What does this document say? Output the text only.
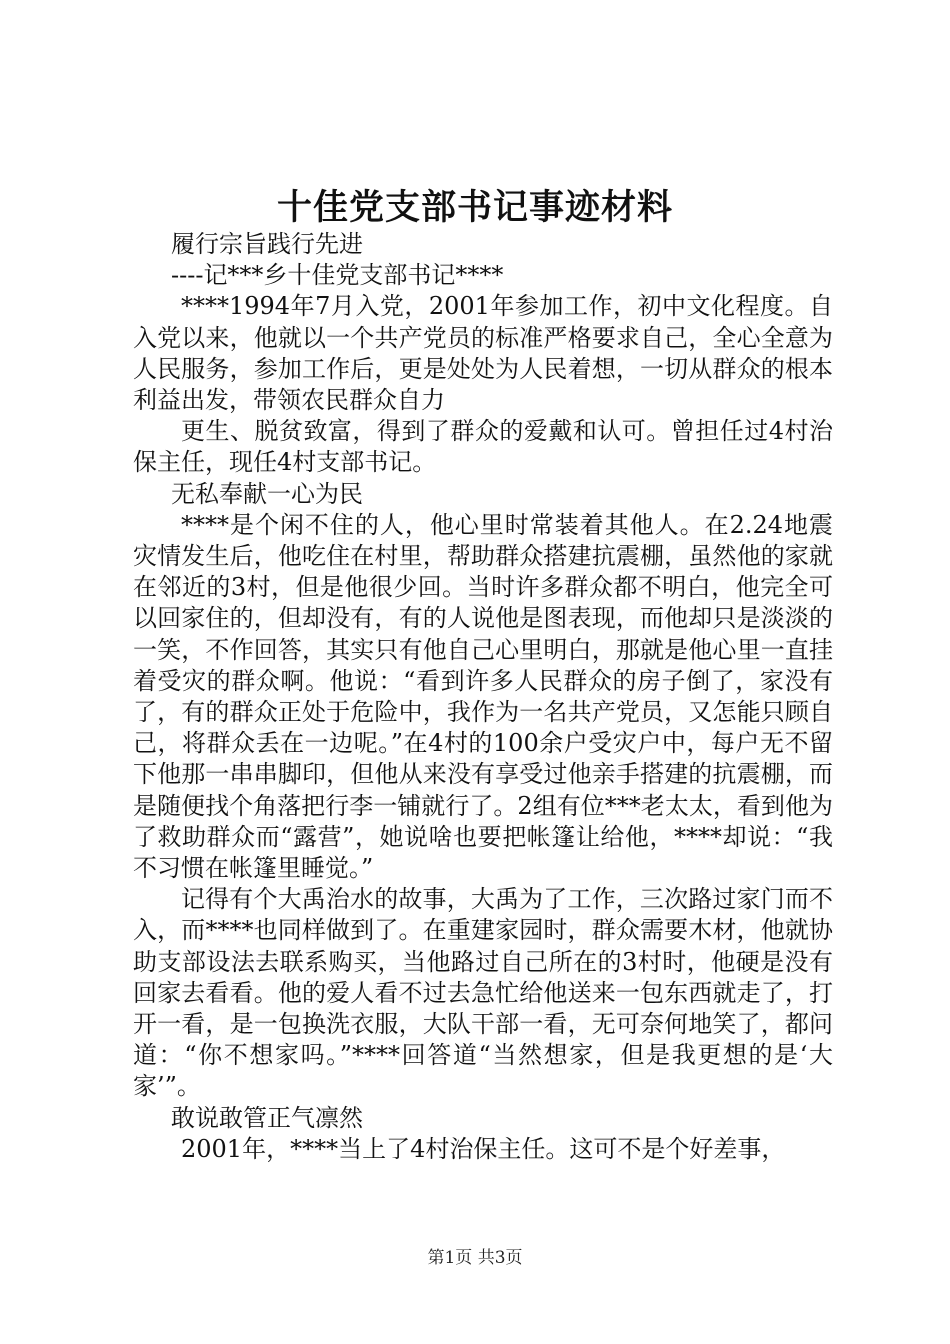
十佳党支部书记事迹材料

履行宗旨践行先进

----记***乡十佳党支部书记****

****1994年7月入党，2001年参加工作，初中文化程度。自入党以来，他就以一个共产党员的标准严格要求自己，全心全意为人民服务，参加工作后，更是处处为人民着想，一切从群众的根本利益出发，带领农民群众自力

更生、脱贫致富，得到了群众的爱戴和认可。曾担任过4村治保主任，现任4村支部书记。

无私奉献一心为民

****是个闲不住的人，他心里时常装着其他人。在2.24地震灾情发生后，他吃住在村里，帮助群众搭建抗震棚，虽然他的家就在邻近的3村，但是他很少回。当时许多群众都不明白，他完全可以回家住的，但却没有，有的人说他是图表现，而他却只是淡淡的一笑，不作回答，其实只有他自己心里明白，那就是他心里一直挂着受灾的群众啊。他说：“看到许多人民群众的房子倒了，家没有了，有的群众正处于危险中，我作为一名共产党员，又怎能只顾自己，将群众丢在一边呢。”在4村的100余户受灾户中，每户无不留下他那一串串脚印，但他从来没有享受过他亲手搭建的抗震棚，而是随便找个角落把行李一铺就行了。2组有位***老太太，看到他为了救助群众而“露营”，她说啥也要把帐篷让给他，****却说：“我不习惯在帐篷里睡觉。”

记得有个大禹治水的故事，大禹为了工作，三次路过家门而不入，而****也同样做到了。在重建家园时，群众需要木材，他就协助支部设法去联系购买，当他路过自己所在的3村时，他硬是没有回家去看看。他的爱人看不过去急忙给他送来一包东西就走了，打开一看，是一包换洗衣服，大队干部一看，无可奈何地笑了，都问道：“你不想家吗。”****回答道“当然想家，但是我更想的是‘大家’”。

敢说敢管正气凛然

2001年，****当上了4村治保主任。这可不是个好差事，

第1页 共3页
